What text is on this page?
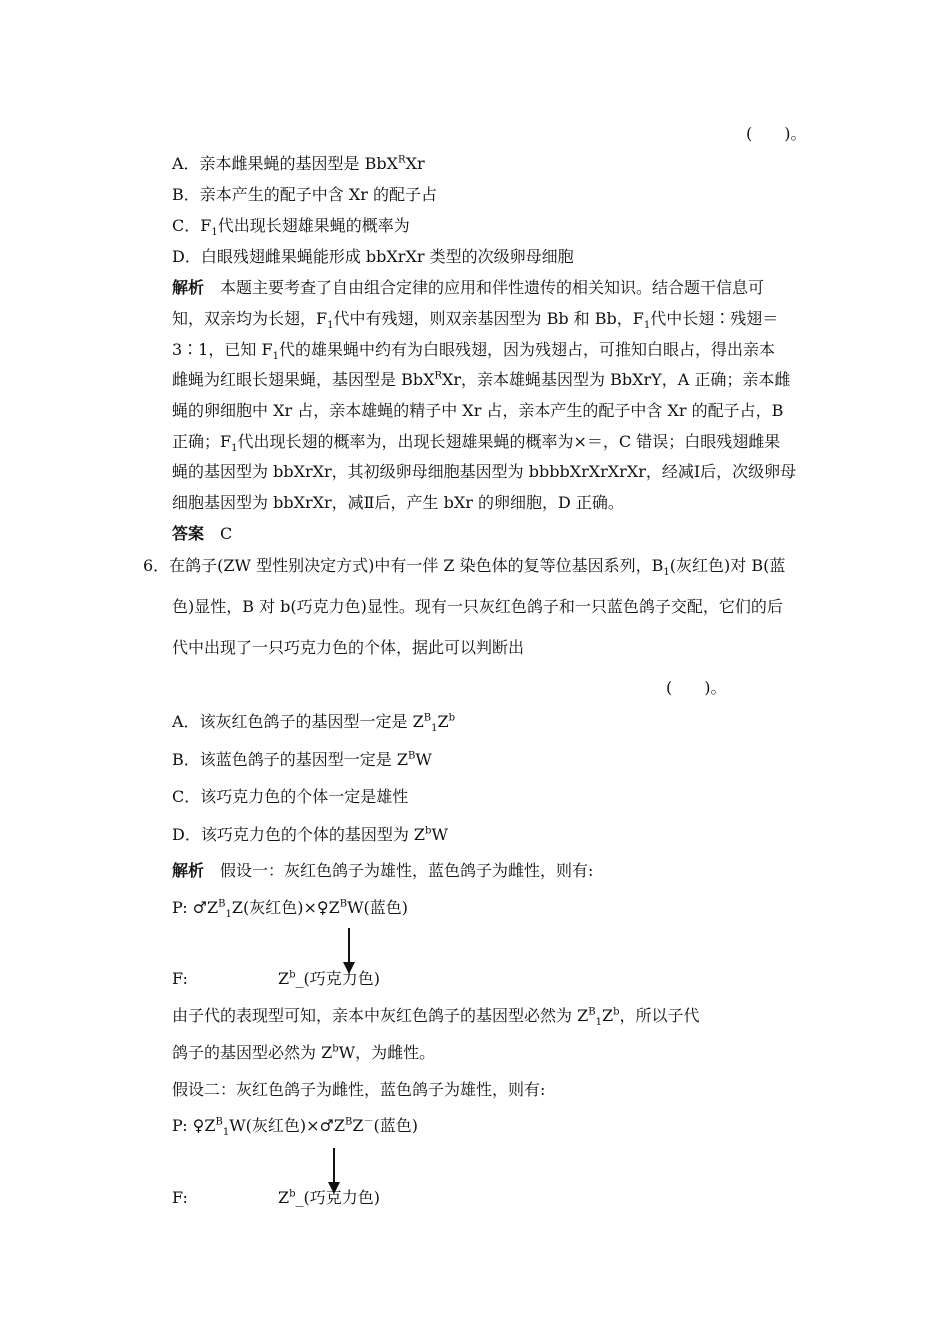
(　　)。
A．亲本雌果蝇的基因型是 BbX$^R$Xr
B．亲本产生的配子中含 Xr 的配子占
C．$F_1$代出现长翅雄果蝇的概率为
D．白眼残翅雌果蝇能形成 bbXrXr 类型的次级卵母细胞
解析　 本题主要考查了自由组合定律的应用和伴性遗传的相关知识。结合题干信息可
知，双亲均为长翅，$F_1$代中有残翅，则双亲基因型为 Bb 和 Bb，$F_1$代中长翅∶残翅＝
3∶1，已知 $F_1$代的雄果蝇中约有为白眼残翅，因为残翅占，可推知白眼占，得出亲本
雌蝇为红眼长翅果蝇，基因型是 BbX$^R$Xr，亲本雄蝇基因型为 BbXrY，A 正确；亲本雌
蝇的卵细胞中 Xr 占，亲本雄蝇的精子中 Xr 占，亲本产生的配子中含 Xr 的配子占，B
正确；$F_1$代出现长翅的概率为，出现长翅雄果蝇的概率为×＝，C 错误；白眼残翅雌果
蝇的基因型为 bbXrXr，其初级卵母细胞基因型为 bbbbXrXrXrXr，经减Ⅰ后，次级卵母
细胞基因型为 bbXrXr，减Ⅱ后，产生 bXr 的卵细胞，D 正确。
答案　 C
6．在鸽子(ZW 型性别决定方式)中有一伴 Z 染色体的复等位基因系列，$B_1$(灰红色)对 B(蓝
色)显性，B 对 b(巧克力色)显性。现有一只灰红色鸽子和一只蓝色鸽子交配，它们的后
代中出现了一只巧克力色的个体，据此可以判断出
(　　)。
A．该灰红色鸽子的基因型一定是 $Z^B_1Z^b$
B．该蓝色鸽子的基因型一定是 $Z^BW$
C．该巧克力色的个体一定是雄性
D．该巧克力色的个体的基因型为 $Z^bW$
解析　 假设一：灰红色鸽子为雄性，蓝色鸽子为雌性，则有:
P: $♂Z^B_1Z$(灰红色)$\times♀Z^BW$(蓝色)
F:	$Z^b\_$(巧克力色)
由子代的表现型可知，亲本中灰红色鸽子的基因型必然为 $Z^B_1Z^b$，所以子代
鸽子的基因型必然为 $Z^bW$，为雌性。
假设二：灰红色鸽子为雌性，蓝色鸽子为雄性，则有:
P: $♀Z^B_1W$(灰红色)$\times♂Z^BZ^-$(蓝色)
F:	$Z^b\_$(巧克力色)
